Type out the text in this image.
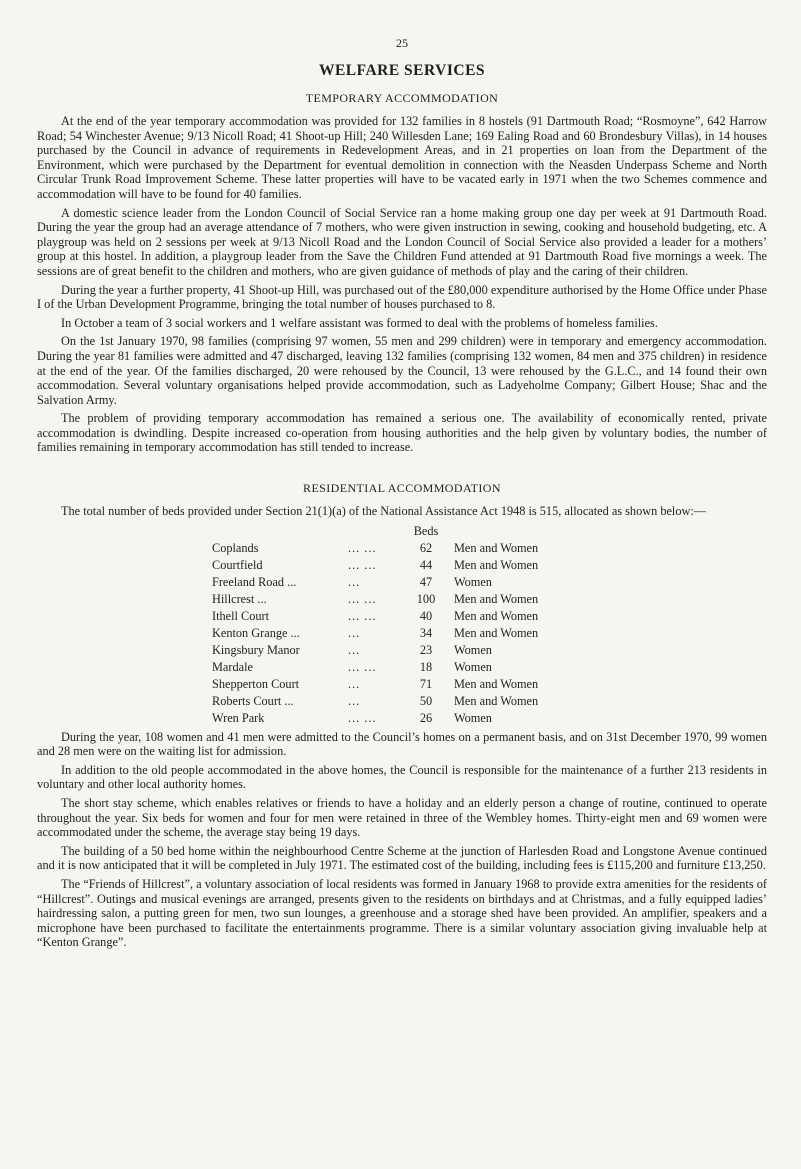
25
WELFARE SERVICES
TEMPORARY ACCOMMODATION

At the end of the year temporary accommodation was provided for 132 families in 8 hostels (91 Dartmouth Road; “Rosmoyne”, 642 Harrow Road; 54 Winchester Avenue; 9/13 Nicoll Road; 41 Shoot-up Hill; 240 Willesden Lane; 169 Ealing Road and 60 Brondesbury Villas), in 14 houses purchased by the Council in advance of requirements in Redevelopment Areas, and in 21 properties on loan from the Department of the Environment, which were purchased by the Department for eventual demolition in connection with the Neasden Underpass Scheme and North Circular Trunk Road Improvement Scheme. These latter properties will have to be vacated early in 1971 when the two Schemes commence and accommodation will have to be found for 40 families.

A domestic science leader from the London Council of Social Service ran a home making group one day per week at 91 Dartmouth Road. During the year the group had an average attendance of 7 mothers, who were given instruction in sewing, cooking and household budgeting, etc. A playgroup was held on 2 sessions per week at 9/13 Nicoll Road and the London Council of Social Service also provided a leader for a mothers’ group at this hostel. In addition, a playgroup leader from the Save the Children Fund attended at 91 Dartmouth Road five mornings a week. The sessions are of great benefit to the children and mothers, who are given guidance of methods of play and the caring of their children.

During the year a further property, 41 Shoot-up Hill, was purchased out of the £80,000 expenditure authorised by the Home Office under Phase I of the Urban Development Programme, bringing the total number of houses purchased to 8.

In October a team of 3 social workers and 1 welfare assistant was formed to deal with the problems of homeless families.

On the 1st January 1970, 98 families (comprising 97 women, 55 men and 299 children) were in temporary and emergency accommodation. During the year 81 families were admitted and 47 discharged, leaving 132 families (comprising 132 women, 84 men and 375 children) in residence at the end of the year. Of the families discharged, 20 were rehoused by the Council, 13 were rehoused by the G.L.C., and 14 found their own accommodation. Several voluntary organisations helped provide accommodation, such as Ladyeholme Company; Gilbert House; Shac and the Salvation Army.

The problem of providing temporary accommodation has remained a serious one. The availability of economically rented, private accommodation is dwindling. Despite increased co-operation from housing authorities and the help given by voluntary bodies, the number of families remaining in temporary accommodation has still tended to increase.

RESIDENTIAL ACCOMMODATION

The total number of beds provided under Section 21(1)(a) of the National Assistance Act 1948 is 515, allocated as shown below:—

		Beds	
Coplands	... ...	62	Men and Women
Courtfield	... ...	44	Men and Women
Freeland Road ...	...	47	Women
Hillcrest ...	... ...	100	Men and Women
Ithell Court	... ...	40	Men and Women
Kenton Grange ...	...	34	Men and Women
Kingsbury Manor	...	23	Women
Mardale	... ...	18	Women
Shepperton Court	...	71	Men and Women
Roberts Court ...	...	50	Men and Women
Wren Park	... ...	26	Women

During the year, 108 women and 41 men were admitted to the Council’s homes on a permanent basis, and on 31st December 1970, 99 women and 28 men were on the waiting list for admission.

In addition to the old people accommodated in the above homes, the Council is responsible for the maintenance of a further 213 residents in voluntary and other local authority homes.

The short stay scheme, which enables relatives or friends to have a holiday and an elderly person a change of routine, continued to operate throughout the year. Six beds for women and four for men were retained in three of the Wembley homes. Thirty-eight men and 69 women were accommodated under the scheme, the average stay being 19 days.

The building of a 50 bed home within the neighbourhood Centre Scheme at the junction of Harlesden Road and Longstone Avenue continued and it is now anticipated that it will be completed in July 1971. The estimated cost of the building, including fees is £115,200 and furniture £13,250.

The “Friends of Hillcrest”, a voluntary association of local residents was formed in January 1968 to provide extra amenities for the residents of “Hillcrest”. Outings and musical evenings are arranged, presents given to the residents on birthdays and at Christmas, and a fully equipped ladies’ hairdressing salon, a putting green for men, two sun lounges, a greenhouse and a storage shed have been provided. An amplifier, speakers and a microphone have been purchased to facilitate the entertainments programme. There is a similar voluntary association giving invaluable help at “Kenton Grange”.
